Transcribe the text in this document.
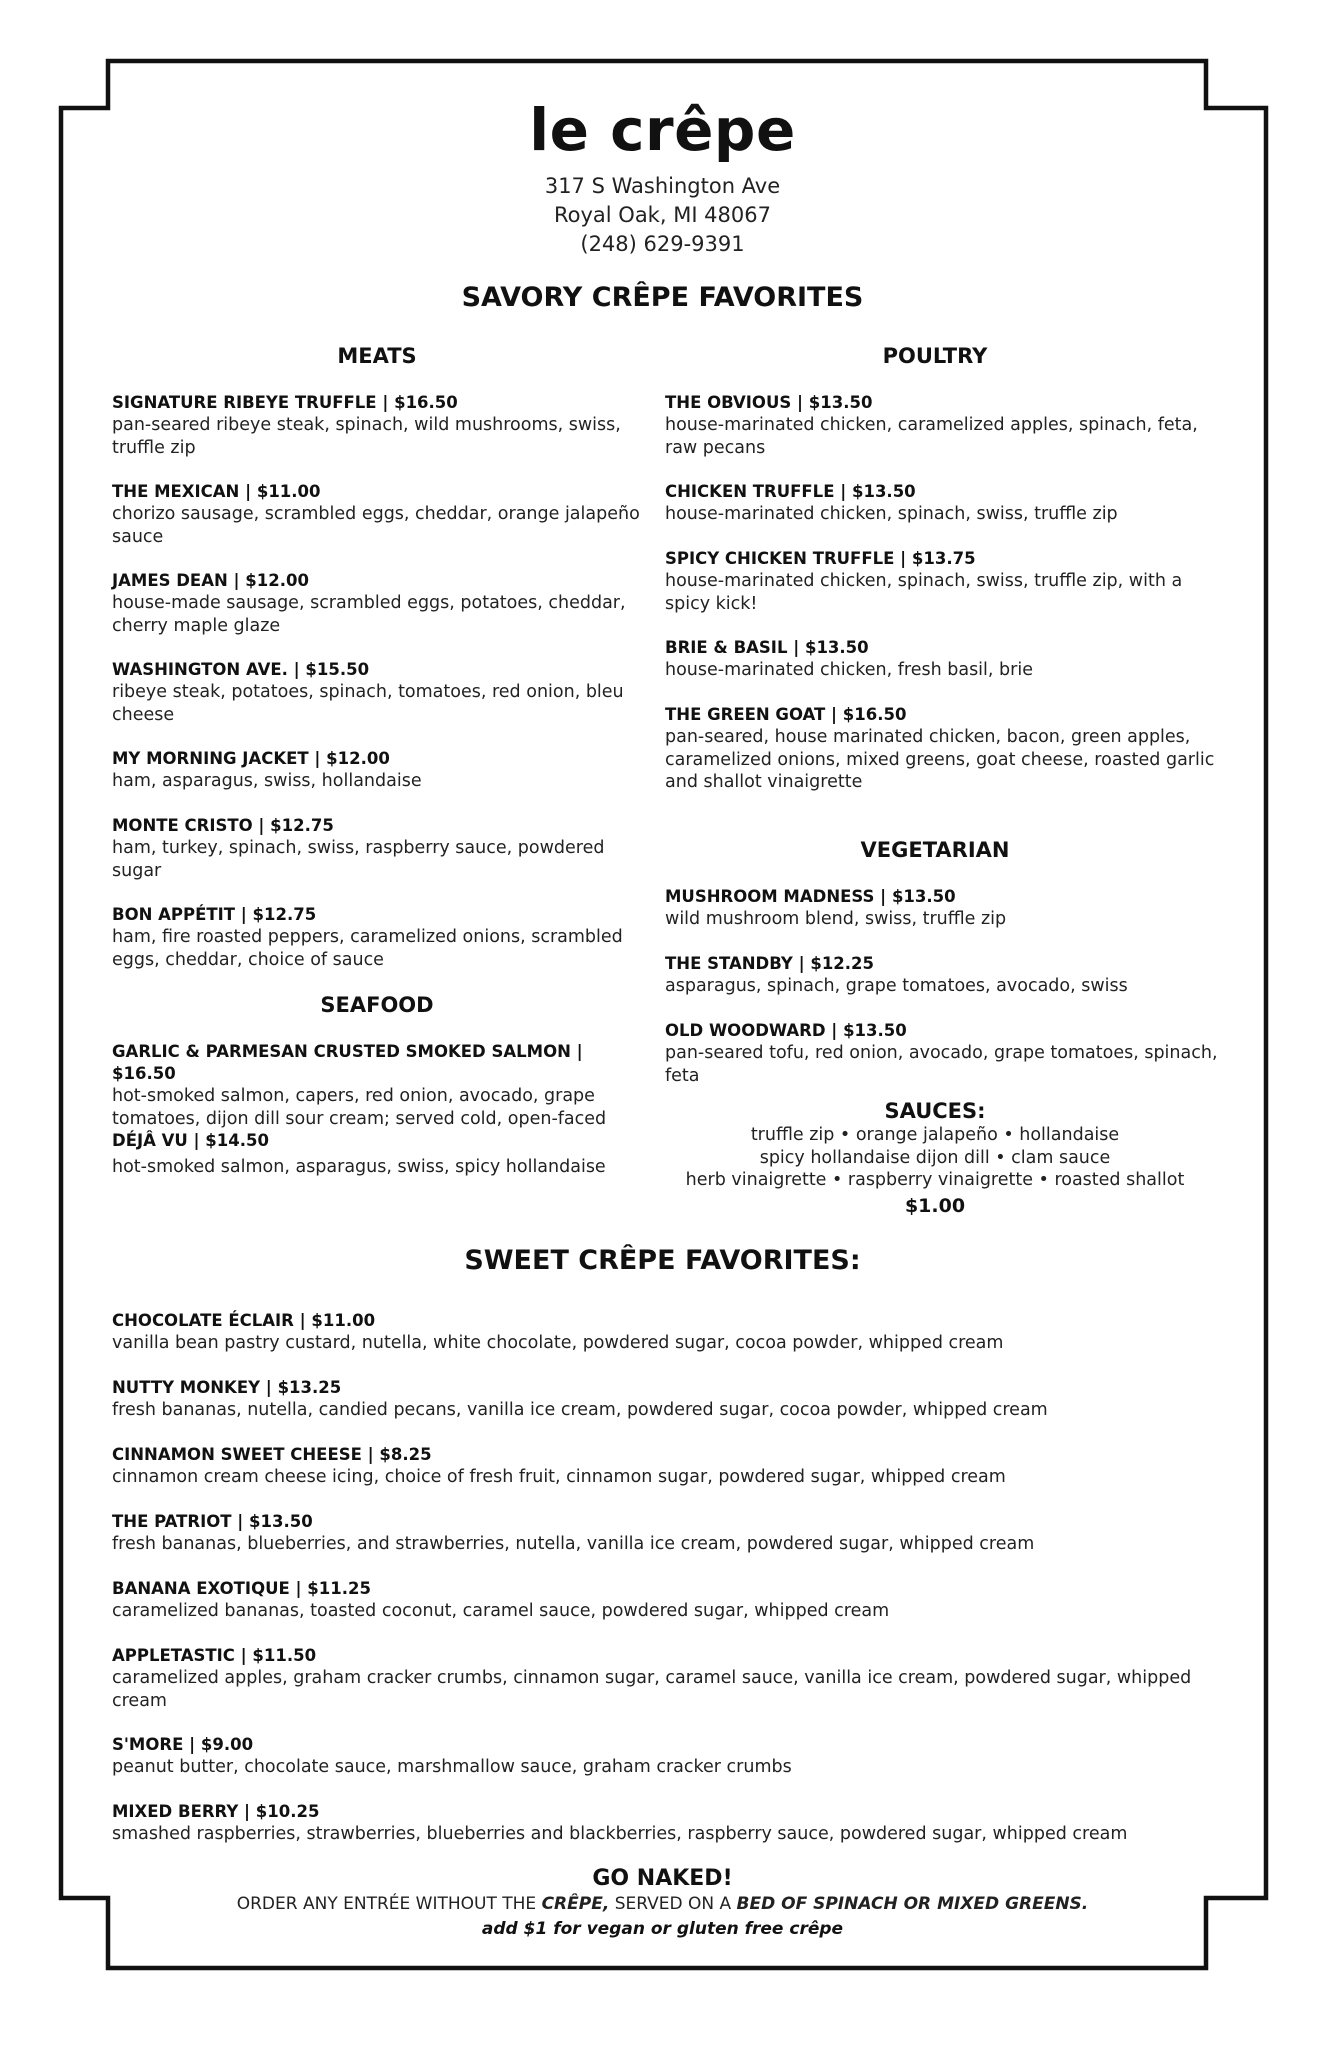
le crêpe
317 S Washington Ave
Royal Oak, MI 48067
(248) 629-9391
SAVORY CRÊPE FAVORITES
MEATS
SIGNATURE RIBEYE TRUFFLE | $16.50
pan-seared ribeye steak, spinach, wild mushrooms, swiss, truffle zip
THE MEXICAN | $11.00
chorizo sausage, scrambled eggs, cheddar, orange jalapeño sauce
JAMES DEAN | $12.00
house-made sausage, scrambled eggs, potatoes, cheddar, cherry maple glaze
WASHINGTON AVE. | $15.50
ribeye steak, potatoes, spinach, tomatoes, red onion, bleu cheese
MY MORNING JACKET | $12.00
ham, asparagus, swiss, hollandaise
MONTE CRISTO | $12.75
ham, turkey, spinach, swiss, raspberry sauce, powdered sugar
BON APPÉTIT | $12.75
ham, fire roasted peppers, caramelized onions, scrambled eggs, cheddar, choice of sauce
SEAFOOD
GARLIC & PARMESAN CRUSTED SMOKED SALMON | $16.50
hot-smoked salmon, capers, red onion, avocado, grape tomatoes, dijon dill sour cream; served cold, open-faced
DÉJÂ VU | $14.50
hot-smoked salmon, asparagus, swiss, spicy hollandaise
POULTRY
THE OBVIOUS | $13.50
house-marinated chicken, caramelized apples, spinach, feta, raw pecans
CHICKEN TRUFFLE | $13.50
house-marinated chicken, spinach, swiss, truffle zip
SPICY CHICKEN TRUFFLE | $13.75
house-marinated chicken, spinach, swiss, truffle zip, with a spicy kick!
BRIE & BASIL | $13.50
house-marinated chicken, fresh basil, brie
THE GREEN GOAT | $16.50
pan-seared, house marinated chicken, bacon, green apples, caramelized onions, mixed greens, goat cheese, roasted garlic and shallot vinaigrette
VEGETARIAN
MUSHROOM MADNESS | $13.50
wild mushroom blend, swiss, truffle zip
THE STANDBY | $12.25
asparagus, spinach, grape tomatoes, avocado, swiss
OLD WOODWARD | $13.50
pan-seared tofu, red onion, avocado, grape tomatoes, spinach, feta
SAUCES:
truffle zip • orange jalapeño • hollandaise
spicy hollandaise dijon dill • clam sauce
herb vinaigrette • raspberry vinaigrette • roasted shallot
$1.00
SWEET CRÊPE FAVORITES:
CHOCOLATE ÉCLAIR | $11.00
vanilla bean pastry custard, nutella, white chocolate, powdered sugar, cocoa powder, whipped cream
NUTTY MONKEY | $13.25
fresh bananas, nutella, candied pecans, vanilla ice cream, powdered sugar, cocoa powder, whipped cream
CINNAMON SWEET CHEESE | $8.25
cinnamon cream cheese icing, choice of fresh fruit, cinnamon sugar, powdered sugar, whipped cream
THE PATRIOT | $13.50
fresh bananas, blueberries, and strawberries, nutella, vanilla ice cream, powdered sugar, whipped cream
BANANA EXOTIQUE | $11.25
caramelized bananas, toasted coconut, caramel sauce, powdered sugar, whipped cream
APPLETASTIC | $11.50
caramelized apples, graham cracker crumbs, cinnamon sugar, caramel sauce, vanilla ice cream, powdered sugar, whipped cream
S'MORE | $9.00
peanut butter, chocolate sauce, marshmallow sauce, graham cracker crumbs
MIXED BERRY | $10.25
smashed raspberries, strawberries, blueberries and blackberries, raspberry sauce, powdered sugar, whipped cream
GO NAKED!
ORDER ANY ENTRÉE WITHOUT THE CRÊPE, SERVED ON A BED OF SPINACH OR MIXED GREENS.
add $1 for vegan or gluten free crêpe
